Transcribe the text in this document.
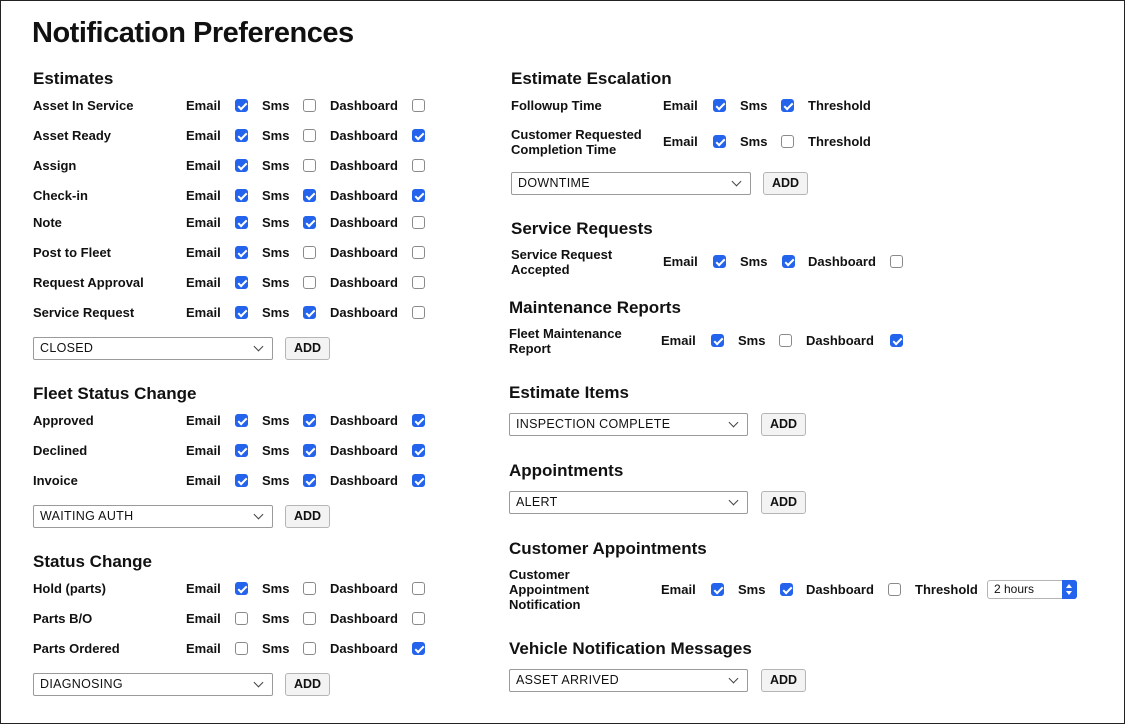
Notification Preferences
Estimates
Asset In Service	Email	Sms	Dashboard
Asset Ready	Email	Sms	Dashboard
Assign	Email	Sms	Dashboard
Check-in	Email	Sms	Dashboard
Note	Email	Sms	Dashboard
Post to Fleet	Email	Sms	Dashboard
Request Approval	Email	Sms	Dashboard
Service Request	Email	Sms	Dashboard
CLOSED	ADD
Fleet Status Change
Approved	Email	Sms	Dashboard
Declined	Email	Sms	Dashboard
Invoice	Email	Sms	Dashboard
WAITING AUTH	ADD
Status Change
Hold (parts)	Email	Sms	Dashboard
Parts B/O	Email	Sms	Dashboard
Parts Ordered	Email	Sms	Dashboard
DIAGNOSING	ADD
Estimate Escalation
Followup Time	Email	Sms	Threshold
Customer Requested
Completion Time
Email	Sms	Threshold
DOWNTIME	ADD
Service Requests
Service Request
Accepted
Email	Sms	Dashboard
Maintenance Reports
Fleet Maintenance
Report
Email	Sms	Dashboard
Estimate Items
INSPECTION COMPLETE	ADD
Appointments
ALERT	ADD
Customer Appointments
Customer
Appointment
Notification
Email	Sms	Dashboard	Threshold	2 hours
Vehicle Notification Messages
ASSET ARRIVED	ADD
